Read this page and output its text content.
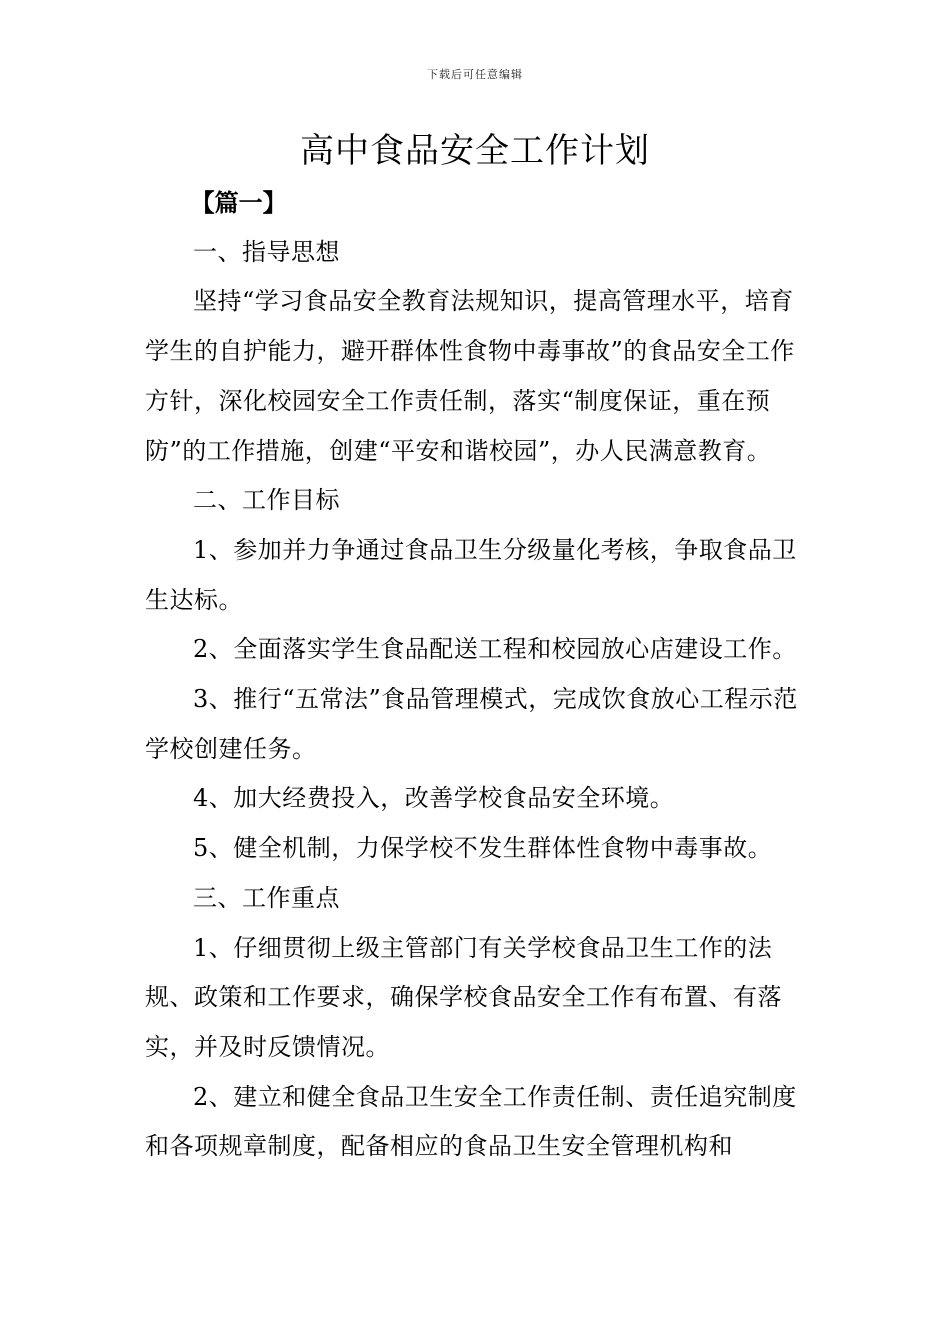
下载后可任意编辑
高中食品安全工作计划

【篇一】

一、指导思想

坚持“学习食品安全教育法规知识，提高管理水平，培育学生的自护能力，避开群体性食物中毒事故”的食品安全工作方针，深化校园安全工作责任制，落实“制度保证，重在预防”的工作措施，创建“平安和谐校园”，办人民满意教育。

二、工作目标

1、参加并力争通过食品卫生分级量化考核，争取食品卫生达标。

2、全面落实学生食品配送工程和校园放心店建设工作。

3、推行“五常法”食品管理模式，完成饮食放心工程示范学校创建任务。

4、加大经费投入，改善学校食品安全环境。

5、健全机制，力保学校不发生群体性食物中毒事故。

三、工作重点

1、仔细贯彻上级主管部门有关学校食品卫生工作的法规、政策和工作要求，确保学校食品安全工作有布置、有落实，并及时反馈情况。

2、建立和健全食品卫生安全工作责任制、责任追究制度和各项规章制度，配备相应的食品卫生安全管理机构和
